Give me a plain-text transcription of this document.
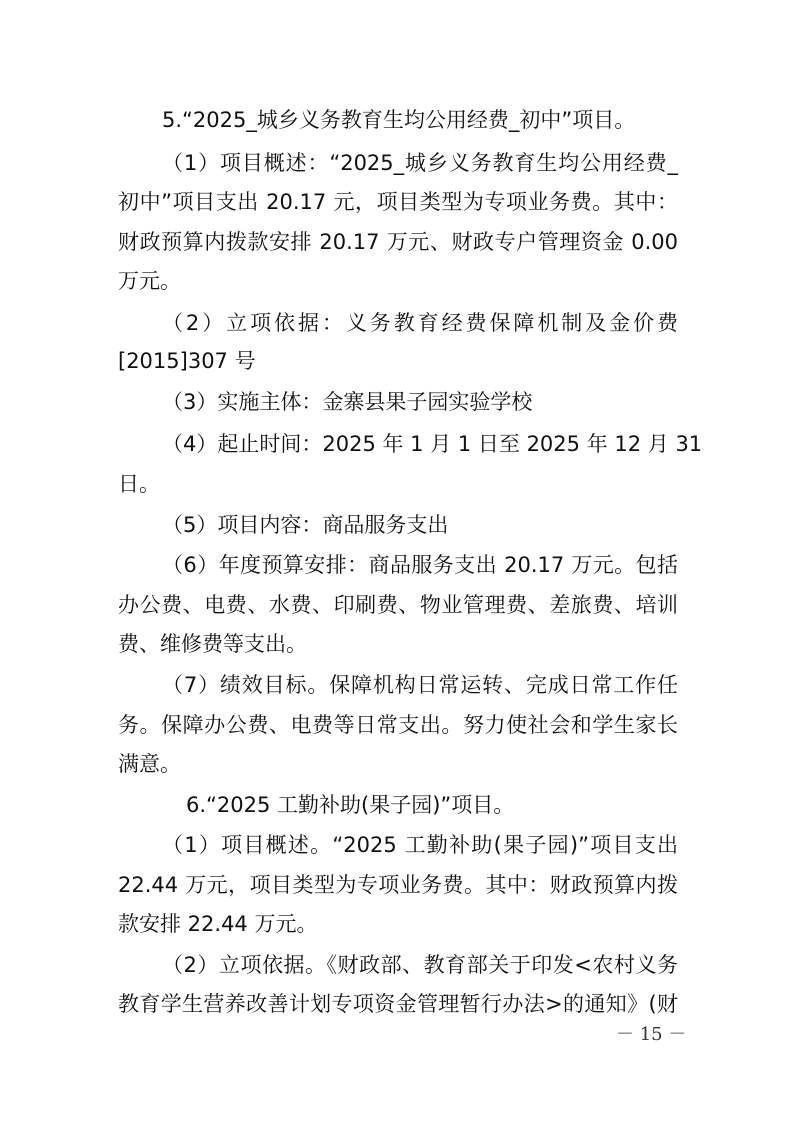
5.“2025_城乡义务教育生均公用经费_初中”项目。
（1）项目概述：“2025_城乡义务教育生均公用经费_
初中”项目支出 20.17 元，项目类型为专项业务费。其中：
财政预算内拨款安排 20.17 万元、财政专户管理资金 0.00
万元。
（2）立项依据：义务教育经费保障机制及金价费
[2015]307 号
（3）实施主体：金寨县果子园实验学校
（4）起止时间：2025 年 1 月 1 日至 2025 年 12 月 31
日。
（5）项目内容：商品服务支出
（6）年度预算安排：商品服务支出 20.17 万元。包括
办公费、电费、水费、印刷费、物业管理费、差旅费、培训
费、维修费等支出。
（7）绩效目标。保障机构日常运转、完成日常工作任
务。保障办公费、电费等日常支出。努力使社会和学生家长
满意。
6.“2025 工勤补助(果子园)”项目。
（1）项目概述。“2025 工勤补助(果子园)”项目支出
22.44 万元，项目类型为专项业务费。其中：财政预算内拨
款安排 22.44 万元。
（2）立项依据。《财政部、教育部关于印发<农村义务
教育学生营养改善计划专项资金管理暂行办法>的通知》(财
－ 15 －
